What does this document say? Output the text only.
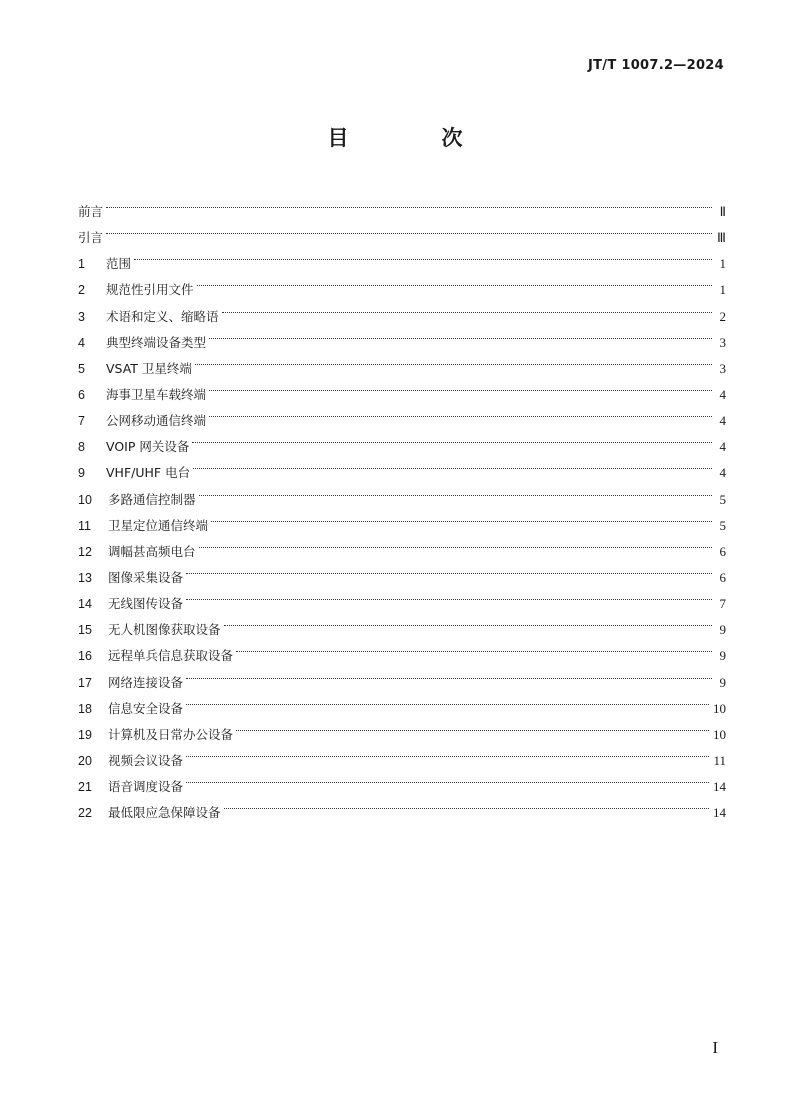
JT/T 1007.2—2024
目　次
前言	Ⅱ
引言	Ⅲ
1	范围	1
2	规范性引用文件	1
3	术语和定义、缩略语	2
4	典型终端设备类型	3
5	VSAT 卫星终端	3
6	海事卫星车载终端	4
7	公网移动通信终端	4
8	VOIP 网关设备	4
9	VHF/UHF 电台	4
10	多路通信控制器	5
11	卫星定位通信终端	5
12	调幅甚高频电台	6
13	图像采集设备	6
14	无线图传设备	7
15	无人机图像获取设备	9
16	远程单兵信息获取设备	9
17	网络连接设备	9
18	信息安全设备	10
19	计算机及日常办公设备	10
20	视频会议设备	11
21	语音调度设备	14
22	最低限应急保障设备	14
I
